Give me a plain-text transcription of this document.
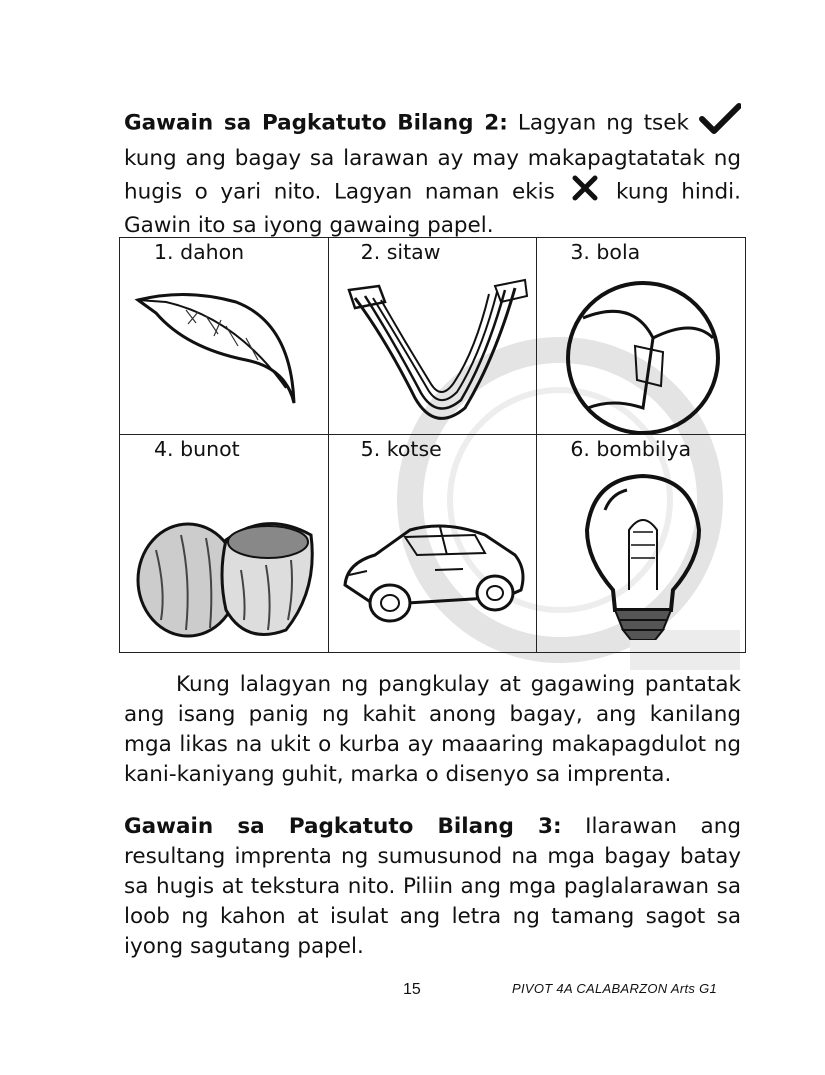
Gawain sa Pagkatuto Bilang 2: Lagyan ng tsek  kung ang bagay sa larawan ay may makapagtatatak ng hugis o yari nito. Lagyan naman ekis  kung hindi. Gawin ito sa iyong gawaing papel.
1. dahon	2. sitaw	3. bola

4. bunot	5. kotse	6. bombilya
Kung lalagyan ng pangkulay at gagawing pantatak ang isang panig ng kahit anong bagay, ang kanilang mga likas na ukit o kurba ay maaaring makapagdulot ng kani-kaniyang guhit, marka o disenyo sa imprenta.
Gawain sa Pagkatuto Bilang 3: Ilarawan ang resultang imprenta ng sumusunod na mga bagay batay sa hugis at tekstura nito. Piliin ang mga paglalarawan sa loob ng kahon at isulat ang letra ng tamang sagot sa iyong sagutang papel.
15	PIVOT 4A CALABARZON Arts G1
